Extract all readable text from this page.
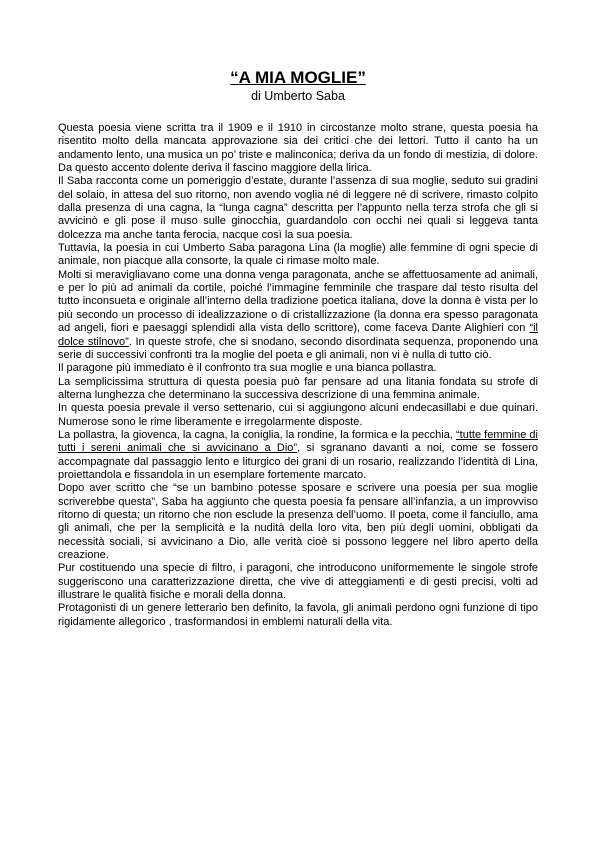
“A MIA MOGLIE”
di Umberto Saba

Questa poesia viene scritta tra il 1909 e il 1910 in circostanze molto strane, questa poesia ha risentito molto della mancata approvazione sia dei critici che dei lettori. Tutto il canto ha un andamento lento, una musica un po’ triste e malinconica; deriva da un fondo di mestizia, di dolore. Da questo accento dolente deriva il fascino maggiore della lirica.

Il Saba racconta come un pomeriggio d’estate, durante l’assenza di sua moglie, seduto sui gradini del solaio, in attesa del suo ritorno, non avendo voglia né di leggere né di scrivere, rimasto colpito dalla presenza di una cagna, la “lunga cagna” descritta per l’appunto nella terza strofa che gli si avvicinò e gli pose il muso sulle ginocchia, guardandolo con occhi nei quali si leggeva tanta dolcezza ma anche tanta ferocia, nacque così la sua poesia.

Tuttavia, la poesia in cui Umberto Saba paragona Lina (la moglie) alle femmine di ogni specie di animale, non piacque alla consorte, la quale ci rimase molto male.

Molti si meravigliavano come una donna venga paragonata, anche se affettuosamente ad animali, e per lo più ad animali da cortile, poiché l’immagine femminile che traspare dal testo risulta del tutto inconsueta e originale all’interno della tradizione poetica italiana, dove la donna è vista per lo più secondo un processo di idealizzazione o di cristallizzazione (la donna era spesso paragonata ad angeli, fiori e paesaggi splendidi alla vista dello scrittore), come faceva Dante Alighieri con “il dolce stilnovo”. In queste strofe, che si snodano, secondo disordinata sequenza, proponendo una serie di successivi confronti tra la moglie del poeta e gli animali, non vi è nulla di tutto ciò.

Il paragone più immediato è il confronto tra sua moglie e una bianca pollastra.

La semplicissima struttura di questa poesia può far pensare ad una litania fondata su strofe di alterna lunghezza che determinano la successiva descrizione di una femmina animale.

In questa poesia prevale il verso settenario, cui si aggiungono alcuni endecasillabi e due quinari. Numerose sono le rime liberamente e irregolarmente disposte.

La pollastra, la giovenca, la cagna, la coniglia, la rondine, la formica e la pecchia, “tutte femmine di tutti i sereni animali che si avvicinano a Dio”, si sgranano davanti a noi, come se fossero accompagnate dal passaggio lento e liturgico dei grani di un rosario, realizzando l’identità di Lina, proiettandola e fissandola in un esemplare fortemente marcato.

Dopo aver scritto che “se un bambino potesse sposare e scrivere una poesia per sua moglie scriverebbe questa”, Saba ha aggiunto che questa poesia fa pensare all’infanzia, a un improvviso ritorno di questa; un ritorno che non esclude la presenza dell’uomo. Il poeta, come il fanciullo, ama gli animali, che per la semplicità e la nudità della loro vita, ben più degli uomini, obbligati da necessità sociali, si avvicinano a Dio, alle verità cioè si possono leggere nel libro aperto della creazione.

Pur costituendo una specie di filtro, i paragoni, che introducono uniformemente le singole strofe suggeriscono una caratterizzazione diretta, che vive di atteggiamenti e di gesti precisi, volti ad illustrare le qualità fisiche e morali della donna.

Protagonisti di un genere letterario ben definito, la favola, gli animali perdono ogni funzione di tipo rigidamente allegorico , trasformandosi in emblemi naturali della vita.
